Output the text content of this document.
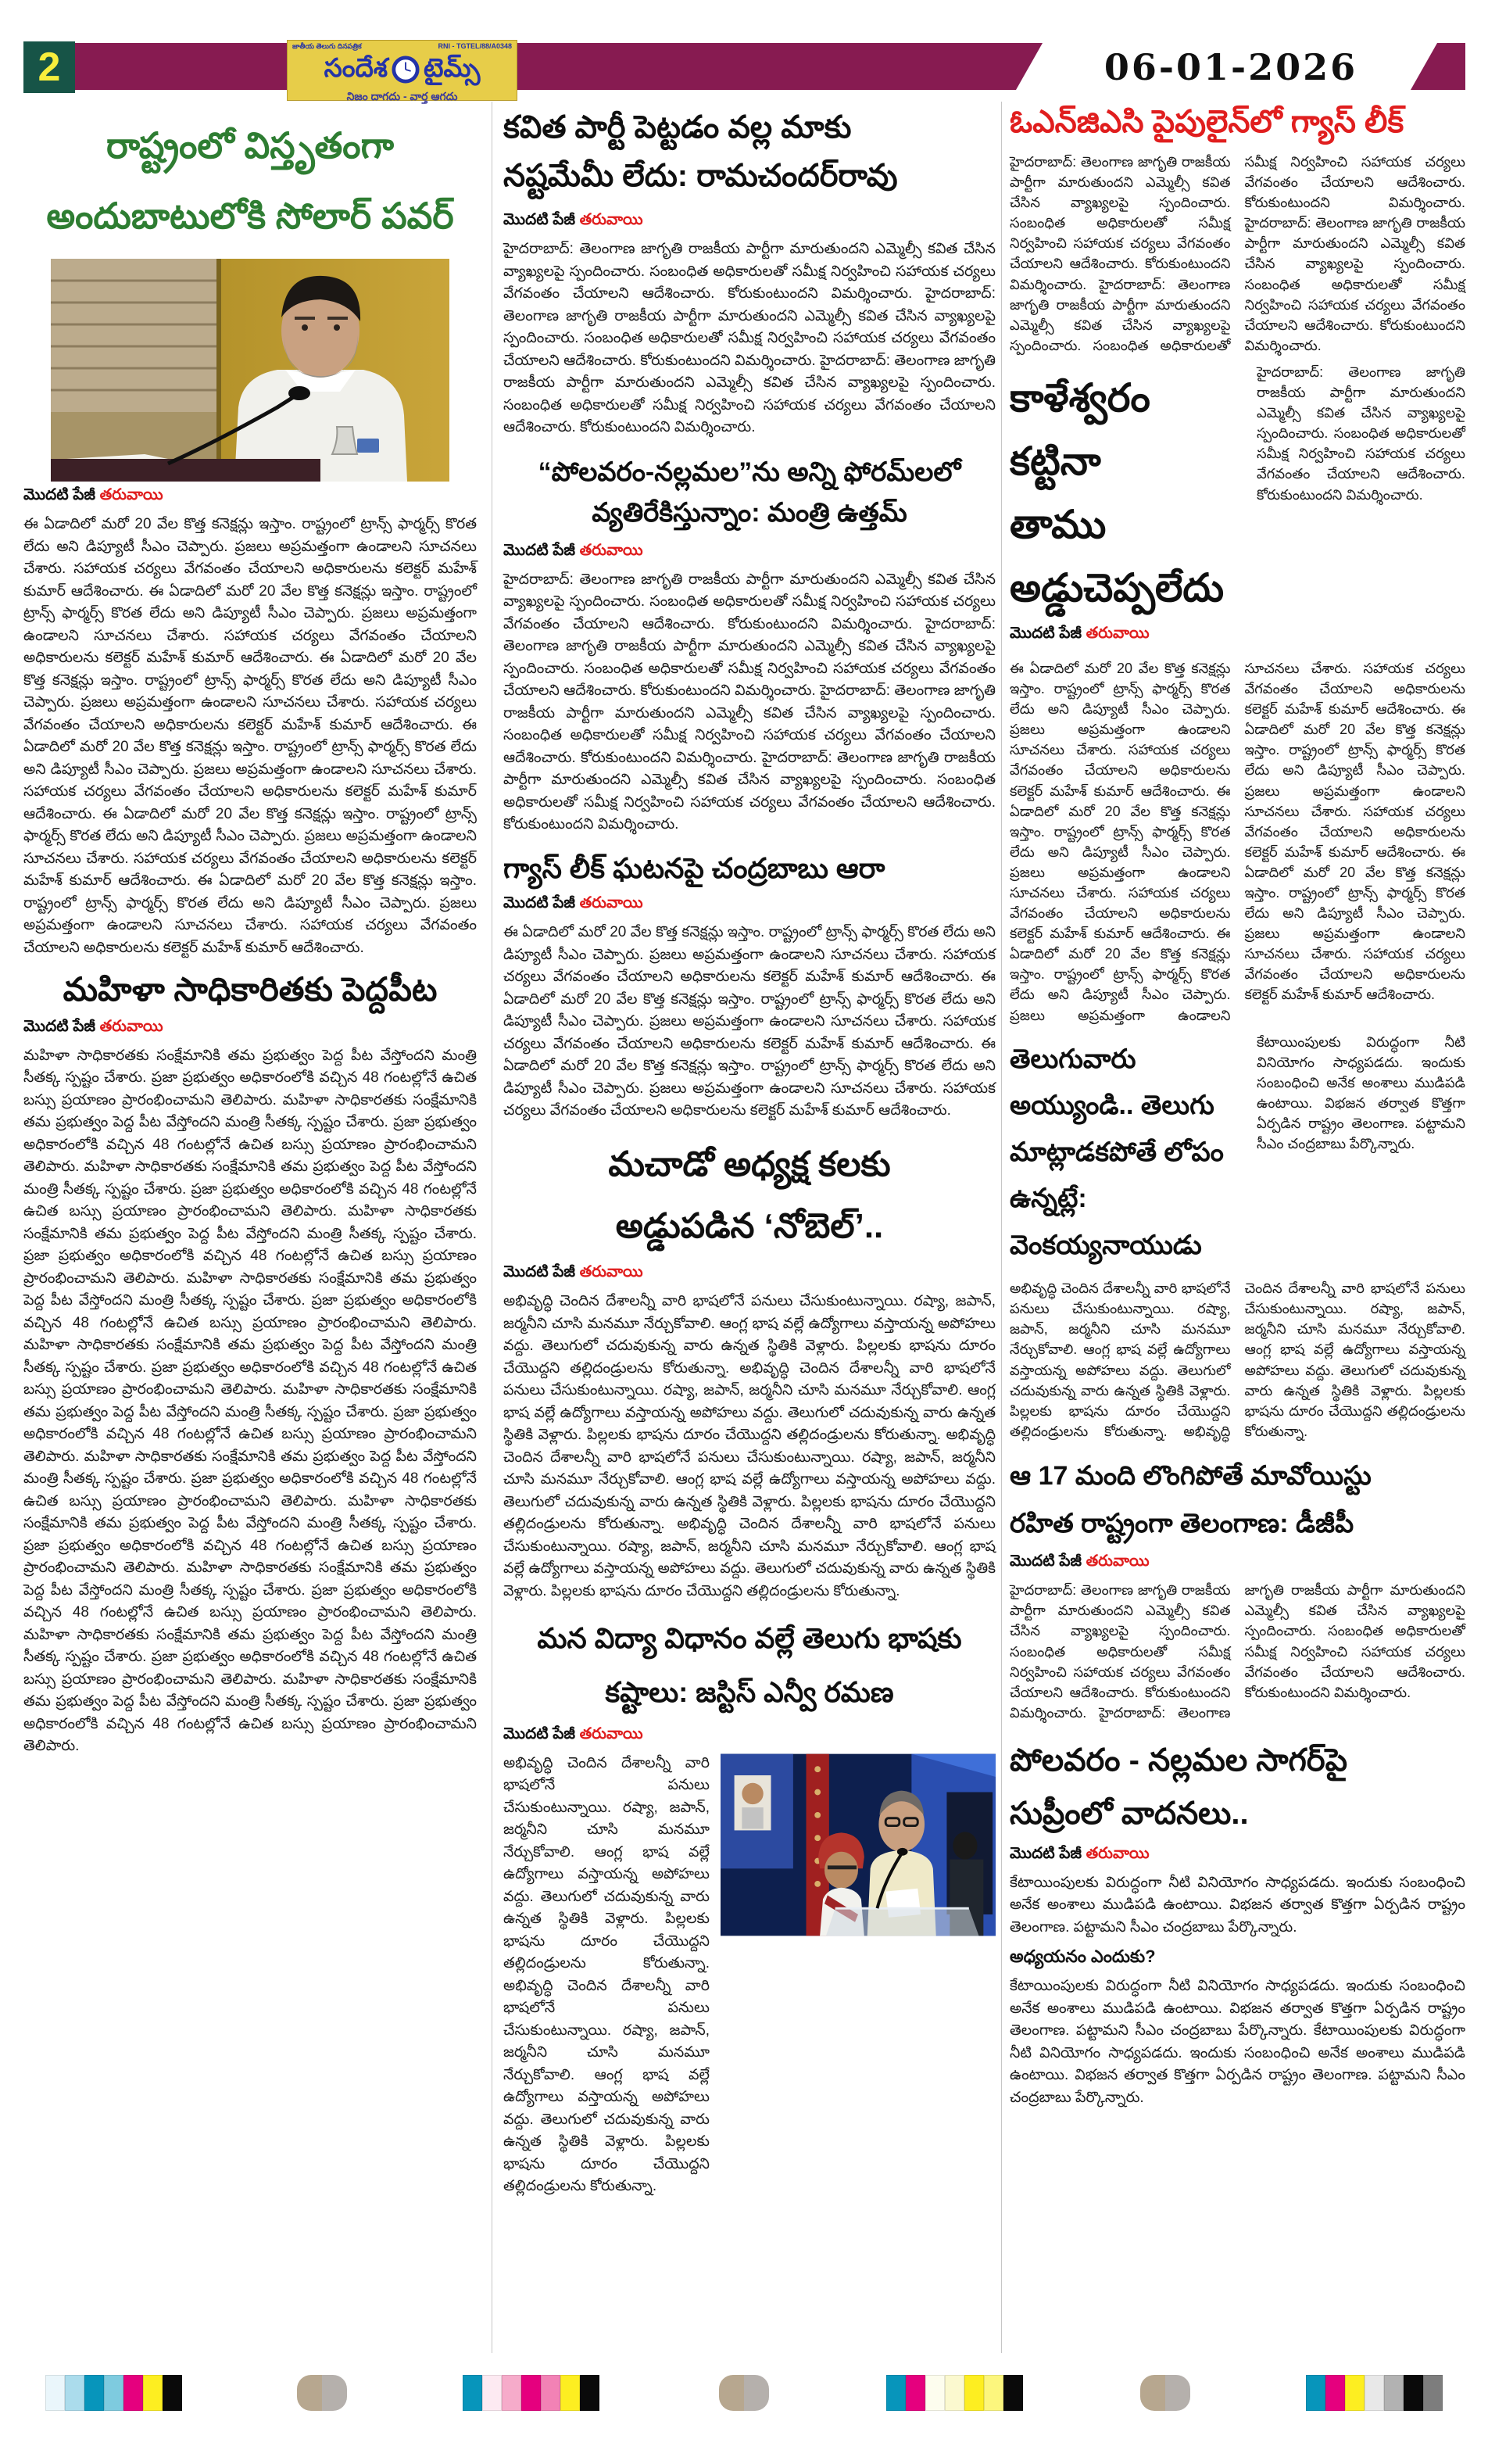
2	06-01-2026
జాతీయ తెలుగు దినపత్రిక	RNI - TGTEL/88/A0348
సందేశ టైమ్స్
నిజం దాగదు - వార్త ఆగదు
రాష్ట్రంలో విస్తృతంగా
అందుబాటులోకి సోలార్ పవర్
మొదటి పేజీ తరువాయి
ఈ ఏడాదిలో మరో 20 వేల కొత్త కనెక్షన్లు ఇస్తాం. రాష్ట్రంలో ట్రాన్స్ ఫార్మర్స్ కొరత లేదు అని డిప్యూటీ సీఎం చెప్పారు. ప్రజలు అప్రమత్తంగా ఉండాలని సూచనలు చేశారు. సహాయక చర్యలు వేగవంతం చేయాలని అధికారులను కలెక్టర్ మహేశ్ కుమార్ ఆదేశించారు. ఈ ఏడాదిలో మరో 20 వేల కొత్త కనెక్షన్లు ఇస్తాం. రాష్ట్రంలో ట్రాన్స్ ఫార్మర్స్ కొరత లేదు అని డిప్యూటీ సీఎం చెప్పారు. ప్రజలు అప్రమత్తంగా ఉండాలని సూచనలు చేశారు. సహాయక చర్యలు వేగవంతం చేయాలని అధికారులను కలెక్టర్ మహేశ్ కుమార్ ఆదేశించారు. ఈ ఏడాదిలో మరో 20 వేల కొత్త కనెక్షన్లు ఇస్తాం. రాష్ట్రంలో ట్రాన్స్ ఫార్మర్స్ కొరత లేదు అని డిప్యూటీ సీఎం చెప్పారు. ప్రజలు అప్రమత్తంగా ఉండాలని సూచనలు చేశారు. సహాయక చర్యలు వేగవంతం చేయాలని అధికారులను కలెక్టర్ మహేశ్ కుమార్ ఆదేశించారు. ఈ ఏడాదిలో మరో 20 వేల కొత్త కనెక్షన్లు ఇస్తాం. రాష్ట్రంలో ట్రాన్స్ ఫార్మర్స్ కొరత లేదు అని డిప్యూటీ సీఎం చెప్పారు. ప్రజలు అప్రమత్తంగా ఉండాలని సూచనలు చేశారు. సహాయక చర్యలు వేగవంతం చేయాలని అధికారులను కలెక్టర్ మహేశ్ కుమార్ ఆదేశించారు. ఈ ఏడాదిలో మరో 20 వేల కొత్త కనెక్షన్లు ఇస్తాం. రాష్ట్రంలో ట్రాన్స్ ఫార్మర్స్ కొరత లేదు అని డిప్యూటీ సీఎం చెప్పారు. ప్రజలు అప్రమత్తంగా ఉండాలని సూచనలు చేశారు. సహాయక చర్యలు వేగవంతం చేయాలని అధికారులను కలెక్టర్ మహేశ్ కుమార్ ఆదేశించారు. ఈ ఏడాదిలో మరో 20 వేల కొత్త కనెక్షన్లు ఇస్తాం. రాష్ట్రంలో ట్రాన్స్ ఫార్మర్స్ కొరత లేదు అని డిప్యూటీ సీఎం చెప్పారు. ప్రజలు అప్రమత్తంగా ఉండాలని సూచనలు చేశారు. సహాయక చర్యలు వేగవంతం చేయాలని అధికారులను కలెక్టర్ మహేశ్ కుమార్ ఆదేశించారు.
మహిళా సాధికారితకు పెద్దపీట
మొదటి పేజీ తరువాయి
మహిళా సాధికారతకు సంక్షేమానికి తమ ప్రభుత్వం పెద్ద పీట వేస్తోందని మంత్రి సీతక్క స్పష్టం చేశారు. ప్రజా ప్రభుత్వం అధికారంలోకి వచ్చిన 48 గంటల్లోనే ఉచిత బస్సు ప్రయాణం ప్రారంభించామని తెలిపారు. మహిళా సాధికారతకు సంక్షేమానికి తమ ప్రభుత్వం పెద్ద పీట వేస్తోందని మంత్రి సీతక్క స్పష్టం చేశారు. ప్రజా ప్రభుత్వం అధికారంలోకి వచ్చిన 48 గంటల్లోనే ఉచిత బస్సు ప్రయాణం ప్రారంభించామని తెలిపారు. మహిళా సాధికారతకు సంక్షేమానికి తమ ప్రభుత్వం పెద్ద పీట వేస్తోందని మంత్రి సీతక్క స్పష్టం చేశారు. ప్రజా ప్రభుత్వం అధికారంలోకి వచ్చిన 48 గంటల్లోనే ఉచిత బస్సు ప్రయాణం ప్రారంభించామని తెలిపారు. మహిళా సాధికారతకు సంక్షేమానికి తమ ప్రభుత్వం పెద్ద పీట వేస్తోందని మంత్రి సీతక్క స్పష్టం చేశారు. ప్రజా ప్రభుత్వం అధికారంలోకి వచ్చిన 48 గంటల్లోనే ఉచిత బస్సు ప్రయాణం ప్రారంభించామని తెలిపారు. మహిళా సాధికారతకు సంక్షేమానికి తమ ప్రభుత్వం పెద్ద పీట వేస్తోందని మంత్రి సీతక్క స్పష్టం చేశారు. ప్రజా ప్రభుత్వం అధికారంలోకి వచ్చిన 48 గంటల్లోనే ఉచిత బస్సు ప్రయాణం ప్రారంభించామని తెలిపారు. మహిళా సాధికారతకు సంక్షేమానికి తమ ప్రభుత్వం పెద్ద పీట వేస్తోందని మంత్రి సీతక్క స్పష్టం చేశారు. ప్రజా ప్రభుత్వం అధికారంలోకి వచ్చిన 48 గంటల్లోనే ఉచిత బస్సు ప్రయాణం ప్రారంభించామని తెలిపారు. మహిళా సాధికారతకు సంక్షేమానికి తమ ప్రభుత్వం పెద్ద పీట వేస్తోందని మంత్రి సీతక్క స్పష్టం చేశారు. ప్రజా ప్రభుత్వం అధికారంలోకి వచ్చిన 48 గంటల్లోనే ఉచిత బస్సు ప్రయాణం ప్రారంభించామని తెలిపారు. మహిళా సాధికారతకు సంక్షేమానికి తమ ప్రభుత్వం పెద్ద పీట వేస్తోందని మంత్రి సీతక్క స్పష్టం చేశారు. ప్రజా ప్రభుత్వం అధికారంలోకి వచ్చిన 48 గంటల్లోనే ఉచిత బస్సు ప్రయాణం ప్రారంభించామని తెలిపారు. మహిళా సాధికారతకు సంక్షేమానికి తమ ప్రభుత్వం పెద్ద పీట వేస్తోందని మంత్రి సీతక్క స్పష్టం చేశారు. ప్రజా ప్రభుత్వం అధికారంలోకి వచ్చిన 48 గంటల్లోనే ఉచిత బస్సు ప్రయాణం ప్రారంభించామని తెలిపారు. మహిళా సాధికారతకు సంక్షేమానికి తమ ప్రభుత్వం పెద్ద పీట వేస్తోందని మంత్రి సీతక్క స్పష్టం చేశారు. ప్రజా ప్రభుత్వం అధికారంలోకి వచ్చిన 48 గంటల్లోనే ఉచిత బస్సు ప్రయాణం ప్రారంభించామని తెలిపారు. మహిళా సాధికారతకు సంక్షేమానికి తమ ప్రభుత్వం పెద్ద పీట వేస్తోందని మంత్రి సీతక్క స్పష్టం చేశారు. ప్రజా ప్రభుత్వం అధికారంలోకి వచ్చిన 48 గంటల్లోనే ఉచిత బస్సు ప్రయాణం ప్రారంభించామని తెలిపారు. మహిళా సాధికారతకు సంక్షేమానికి తమ ప్రభుత్వం పెద్ద పీట వేస్తోందని మంత్రి సీతక్క స్పష్టం చేశారు. ప్రజా ప్రభుత్వం అధికారంలోకి వచ్చిన 48 గంటల్లోనే ఉచిత బస్సు ప్రయాణం ప్రారంభించామని తెలిపారు.
కవిత పార్టీ పెట్టడం వల్ల మాకు
నష్టమేమీ లేదు: రామచందర్‌రావు
మొదటి పేజీ తరువాయి
హైదరాబాద్: తెలంగాణ జాగృతి రాజకీయ పార్టీగా మారుతుందని ఎమ్మెల్సీ కవిత చేసిన వ్యాఖ్యలపై స్పందించారు. సంబంధిత అధికారులతో సమీక్ష నిర్వహించి సహాయక చర్యలు వేగవంతం చేయాలని ఆదేశించారు. కోరుకుంటుందని విమర్శించారు. హైదరాబాద్: తెలంగాణ జాగృతి రాజకీయ పార్టీగా మారుతుందని ఎమ్మెల్సీ కవిత చేసిన వ్యాఖ్యలపై స్పందించారు. సంబంధిత అధికారులతో సమీక్ష నిర్వహించి సహాయక చర్యలు వేగవంతం చేయాలని ఆదేశించారు. కోరుకుంటుందని విమర్శించారు. హైదరాబాద్: తెలంగాణ జాగృతి రాజకీయ పార్టీగా మారుతుందని ఎమ్మెల్సీ కవిత చేసిన వ్యాఖ్యలపై స్పందించారు. సంబంధిత అధికారులతో సమీక్ష నిర్వహించి సహాయక చర్యలు వేగవంతం చేయాలని ఆదేశించారు. కోరుకుంటుందని విమర్శించారు.
“పోలవరం-నల్లమల”ను అన్ని ఫోరమ్‌లలో
వ్యతిరేకిస్తున్నాం: మంత్రి ఉత్తమ్
మొదటి పేజీ తరువాయి
హైదరాబాద్: తెలంగాణ జాగృతి రాజకీయ పార్టీగా మారుతుందని ఎమ్మెల్సీ కవిత చేసిన వ్యాఖ్యలపై స్పందించారు. సంబంధిత అధికారులతో సమీక్ష నిర్వహించి సహాయక చర్యలు వేగవంతం చేయాలని ఆదేశించారు. కోరుకుంటుందని విమర్శించారు. హైదరాబాద్: తెలంగాణ జాగృతి రాజకీయ పార్టీగా మారుతుందని ఎమ్మెల్సీ కవిత చేసిన వ్యాఖ్యలపై స్పందించారు. సంబంధిత అధికారులతో సమీక్ష నిర్వహించి సహాయక చర్యలు వేగవంతం చేయాలని ఆదేశించారు. కోరుకుంటుందని విమర్శించారు. హైదరాబాద్: తెలంగాణ జాగృతి రాజకీయ పార్టీగా మారుతుందని ఎమ్మెల్సీ కవిత చేసిన వ్యాఖ్యలపై స్పందించారు. సంబంధిత అధికారులతో సమీక్ష నిర్వహించి సహాయక చర్యలు వేగవంతం చేయాలని ఆదేశించారు. కోరుకుంటుందని విమర్శించారు. హైదరాబాద్: తెలంగాణ జాగృతి రాజకీయ పార్టీగా మారుతుందని ఎమ్మెల్సీ కవిత చేసిన వ్యాఖ్యలపై స్పందించారు. సంబంధిత అధికారులతో సమీక్ష నిర్వహించి సహాయక చర్యలు వేగవంతం చేయాలని ఆదేశించారు. కోరుకుంటుందని విమర్శించారు.
గ్యాస్ లీక్ ఘటనపై చంద్రబాబు ఆరా
మొదటి పేజీ తరువాయి
ఈ ఏడాదిలో మరో 20 వేల కొత్త కనెక్షన్లు ఇస్తాం. రాష్ట్రంలో ట్రాన్స్ ఫార్మర్స్ కొరత లేదు అని డిప్యూటీ సీఎం చెప్పారు. ప్రజలు అప్రమత్తంగా ఉండాలని సూచనలు చేశారు. సహాయక చర్యలు వేగవంతం చేయాలని అధికారులను కలెక్టర్ మహేశ్ కుమార్ ఆదేశించారు. ఈ ఏడాదిలో మరో 20 వేల కొత్త కనెక్షన్లు ఇస్తాం. రాష్ట్రంలో ట్రాన్స్ ఫార్మర్స్ కొరత లేదు అని డిప్యూటీ సీఎం చెప్పారు. ప్రజలు అప్రమత్తంగా ఉండాలని సూచనలు చేశారు. సహాయక చర్యలు వేగవంతం చేయాలని అధికారులను కలెక్టర్ మహేశ్ కుమార్ ఆదేశించారు. ఈ ఏడాదిలో మరో 20 వేల కొత్త కనెక్షన్లు ఇస్తాం. రాష్ట్రంలో ట్రాన్స్ ఫార్మర్స్ కొరత లేదు అని డిప్యూటీ సీఎం చెప్పారు. ప్రజలు అప్రమత్తంగా ఉండాలని సూచనలు చేశారు. సహాయక చర్యలు వేగవంతం చేయాలని అధికారులను కలెక్టర్ మహేశ్ కుమార్ ఆదేశించారు.
మచాడో అధ్యక్ష కలకు
అడ్డుపడిన ‘నోబెల్’..
మొదటి పేజీ తరువాయి
అభివృద్ధి చెందిన దేశాలన్నీ వారి భాషలోనే పనులు చేసుకుంటున్నాయి. రష్యా, జపాన్, జర్మనీని చూసి మనమూ నేర్చుకోవాలి. ఆంగ్ల భాష వల్లే ఉద్యోగాలు వస్తాయన్న అపోహలు వద్దు. తెలుగులో చదువుకున్న వారు ఉన్నత స్థితికి వెళ్లారు. పిల్లలకు భాషను దూరం చేయొద్దని తల్లిదండ్రులను కోరుతున్నా. అభివృద్ధి చెందిన దేశాలన్నీ వారి భాషలోనే పనులు చేసుకుంటున్నాయి. రష్యా, జపాన్, జర్మనీని చూసి మనమూ నేర్చుకోవాలి. ఆంగ్ల భాష వల్లే ఉద్యోగాలు వస్తాయన్న అపోహలు వద్దు. తెలుగులో చదువుకున్న వారు ఉన్నత స్థితికి వెళ్లారు. పిల్లలకు భాషను దూరం చేయొద్దని తల్లిదండ్రులను కోరుతున్నా. అభివృద్ధి చెందిన దేశాలన్నీ వారి భాషలోనే పనులు చేసుకుంటున్నాయి. రష్యా, జపాన్, జర్మనీని చూసి మనమూ నేర్చుకోవాలి. ఆంగ్ల భాష వల్లే ఉద్యోగాలు వస్తాయన్న అపోహలు వద్దు. తెలుగులో చదువుకున్న వారు ఉన్నత స్థితికి వెళ్లారు. పిల్లలకు భాషను దూరం చేయొద్దని తల్లిదండ్రులను కోరుతున్నా. అభివృద్ధి చెందిన దేశాలన్నీ వారి భాషలోనే పనులు చేసుకుంటున్నాయి. రష్యా, జపాన్, జర్మనీని చూసి మనమూ నేర్చుకోవాలి. ఆంగ్ల భాష వల్లే ఉద్యోగాలు వస్తాయన్న అపోహలు వద్దు. తెలుగులో చదువుకున్న వారు ఉన్నత స్థితికి వెళ్లారు. పిల్లలకు భాషను దూరం చేయొద్దని తల్లిదండ్రులను కోరుతున్నా.
మన విద్యా విధానం వల్లే తెలుగు భాషకు
కష్టాలు: జస్టిస్ ఎన్వీ రమణ
మొదటి పేజీ తరువాయి
అభివృద్ధి చెందిన దేశాలన్నీ వారి భాషలోనే పనులు చేసుకుంటున్నాయి. రష్యా, జపాన్, జర్మనీని చూసి మనమూ నేర్చుకోవాలి. ఆంగ్ల భాష వల్లే ఉద్యోగాలు వస్తాయన్న అపోహలు వద్దు. తెలుగులో చదువుకున్న వారు ఉన్నత స్థితికి వెళ్లారు. పిల్లలకు భాషను దూరం చేయొద్దని తల్లిదండ్రులను కోరుతున్నా. అభివృద్ధి చెందిన దేశాలన్నీ వారి భాషలోనే పనులు చేసుకుంటున్నాయి. రష్యా, జపాన్, జర్మనీని చూసి మనమూ నేర్చుకోవాలి. ఆంగ్ల భాష వల్లే ఉద్యోగాలు వస్తాయన్న అపోహలు వద్దు. తెలుగులో చదువుకున్న వారు ఉన్నత స్థితికి వెళ్లారు. పిల్లలకు భాషను దూరం చేయొద్దని తల్లిదండ్రులను కోరుతున్నా.
ఓఎన్‌జిఎసి పైపులైన్‌లో గ్యాస్ లీక్
హైదరాబాద్: తెలంగాణ జాగృతి రాజకీయ పార్టీగా మారుతుందని ఎమ్మెల్సీ కవిత చేసిన వ్యాఖ్యలపై స్పందించారు. సంబంధిత అధికారులతో సమీక్ష నిర్వహించి సహాయక చర్యలు వేగవంతం చేయాలని ఆదేశించారు. కోరుకుంటుందని విమర్శించారు. హైదరాబాద్: తెలంగాణ జాగృతి రాజకీయ పార్టీగా మారుతుందని ఎమ్మెల్సీ కవిత చేసిన వ్యాఖ్యలపై స్పందించారు. సంబంధిత అధికారులతో సమీక్ష నిర్వహించి సహాయక చర్యలు వేగవంతం చేయాలని ఆదేశించారు. కోరుకుంటుందని విమర్శించారు. హైదరాబాద్: తెలంగాణ జాగృతి రాజకీయ పార్టీగా మారుతుందని ఎమ్మెల్సీ కవిత చేసిన వ్యాఖ్యలపై స్పందించారు. సంబంధిత అధికారులతో సమీక్ష నిర్వహించి సహాయక చర్యలు వేగవంతం చేయాలని ఆదేశించారు. కోరుకుంటుందని విమర్శించారు.
కాళేశ్వరం కట్టినా
తాము అడ్డుచెప్పలేదు
మొదటి పేజీ తరువాయి
హైదరాబాద్: తెలంగాణ జాగృతి రాజకీయ పార్టీగా మారుతుందని ఎమ్మెల్సీ కవిత చేసిన వ్యాఖ్యలపై స్పందించారు. సంబంధిత అధికారులతో సమీక్ష నిర్వహించి సహాయక చర్యలు వేగవంతం చేయాలని ఆదేశించారు. కోరుకుంటుందని విమర్శించారు.
ఈ ఏడాదిలో మరో 20 వేల కొత్త కనెక్షన్లు ఇస్తాం. రాష్ట్రంలో ట్రాన్స్ ఫార్మర్స్ కొరత లేదు అని డిప్యూటీ సీఎం చెప్పారు. ప్రజలు అప్రమత్తంగా ఉండాలని సూచనలు చేశారు. సహాయక చర్యలు వేగవంతం చేయాలని అధికారులను కలెక్టర్ మహేశ్ కుమార్ ఆదేశించారు. ఈ ఏడాదిలో మరో 20 వేల కొత్త కనెక్షన్లు ఇస్తాం. రాష్ట్రంలో ట్రాన్స్ ఫార్మర్స్ కొరత లేదు అని డిప్యూటీ సీఎం చెప్పారు. ప్రజలు అప్రమత్తంగా ఉండాలని సూచనలు చేశారు. సహాయక చర్యలు వేగవంతం చేయాలని అధికారులను కలెక్టర్ మహేశ్ కుమార్ ఆదేశించారు. ఈ ఏడాదిలో మరో 20 వేల కొత్త కనెక్షన్లు ఇస్తాం. రాష్ట్రంలో ట్రాన్స్ ఫార్మర్స్ కొరత లేదు అని డిప్యూటీ సీఎం చెప్పారు. ప్రజలు అప్రమత్తంగా ఉండాలని సూచనలు చేశారు. సహాయక చర్యలు వేగవంతం చేయాలని అధికారులను కలెక్టర్ మహేశ్ కుమార్ ఆదేశించారు. ఈ ఏడాదిలో మరో 20 వేల కొత్త కనెక్షన్లు ఇస్తాం. రాష్ట్రంలో ట్రాన్స్ ఫార్మర్స్ కొరత లేదు అని డిప్యూటీ సీఎం చెప్పారు. ప్రజలు అప్రమత్తంగా ఉండాలని సూచనలు చేశారు. సహాయక చర్యలు వేగవంతం చేయాలని అధికారులను కలెక్టర్ మహేశ్ కుమార్ ఆదేశించారు. ఈ ఏడాదిలో మరో 20 వేల కొత్త కనెక్షన్లు ఇస్తాం. రాష్ట్రంలో ట్రాన్స్ ఫార్మర్స్ కొరత లేదు అని డిప్యూటీ సీఎం చెప్పారు. ప్రజలు అప్రమత్తంగా ఉండాలని సూచనలు చేశారు. సహాయక చర్యలు వేగవంతం చేయాలని అధికారులను కలెక్టర్ మహేశ్ కుమార్ ఆదేశించారు.
తెలుగువారు అయ్యుండి.. తెలుగు
మాట్లాడకపోతే లోపం ఉన్నట్లే:
వెంకయ్యనాయుడు
కేటాయింపులకు విరుద్ధంగా నీటి వినియోగం సాధ్యపడదు. ఇందుకు సంబంధించి అనేక అంశాలు ముడిపడి ఉంటాయి. విభజన తర్వాత కొత్తగా ఏర్పడిన రాష్ట్రం తెలంగాణ. పట్టామని సీఎం చంద్రబాబు పేర్కొన్నారు.
అభివృద్ధి చెందిన దేశాలన్నీ వారి భాషలోనే పనులు చేసుకుంటున్నాయి. రష్యా, జపాన్, జర్మనీని చూసి మనమూ నేర్చుకోవాలి. ఆంగ్ల భాష వల్లే ఉద్యోగాలు వస్తాయన్న అపోహలు వద్దు. తెలుగులో చదువుకున్న వారు ఉన్నత స్థితికి వెళ్లారు. పిల్లలకు భాషను దూరం చేయొద్దని తల్లిదండ్రులను కోరుతున్నా. అభివృద్ధి చెందిన దేశాలన్నీ వారి భాషలోనే పనులు చేసుకుంటున్నాయి. రష్యా, జపాన్, జర్మనీని చూసి మనమూ నేర్చుకోవాలి. ఆంగ్ల భాష వల్లే ఉద్యోగాలు వస్తాయన్న అపోహలు వద్దు. తెలుగులో చదువుకున్న వారు ఉన్నత స్థితికి వెళ్లారు. పిల్లలకు భాషను దూరం చేయొద్దని తల్లిదండ్రులను కోరుతున్నా.
ఆ 17 మంది లొంగిపోతే మావోయిస్టు
రహిత రాష్ట్రంగా తెలంగాణ: డీజీపీ
మొదటి పేజీ తరువాయి
హైదరాబాద్: తెలంగాణ జాగృతి రాజకీయ పార్టీగా మారుతుందని ఎమ్మెల్సీ కవిత చేసిన వ్యాఖ్యలపై స్పందించారు. సంబంధిత అధికారులతో సమీక్ష నిర్వహించి సహాయక చర్యలు వేగవంతం చేయాలని ఆదేశించారు. కోరుకుంటుందని విమర్శించారు. హైదరాబాద్: తెలంగాణ జాగృతి రాజకీయ పార్టీగా మారుతుందని ఎమ్మెల్సీ కవిత చేసిన వ్యాఖ్యలపై స్పందించారు. సంబంధిత అధికారులతో సమీక్ష నిర్వహించి సహాయక చర్యలు వేగవంతం చేయాలని ఆదేశించారు. కోరుకుంటుందని విమర్శించారు.
పోలవరం - నల్లమల సాగర్‌పై
సుప్రీంలో వాదనలు..
మొదటి పేజీ తరువాయి
కేటాయింపులకు విరుద్ధంగా నీటి వినియోగం సాధ్యపడదు. ఇందుకు సంబంధించి అనేక అంశాలు ముడిపడి ఉంటాయి. విభజన తర్వాత కొత్తగా ఏర్పడిన రాష్ట్రం తెలంగాణ. పట్టామని సీఎం చంద్రబాబు పేర్కొన్నారు.
అధ్యయనం ఎందుకు?
కేటాయింపులకు విరుద్ధంగా నీటి వినియోగం సాధ్యపడదు. ఇందుకు సంబంధించి అనేక అంశాలు ముడిపడి ఉంటాయి. విభజన తర్వాత కొత్తగా ఏర్పడిన రాష్ట్రం తెలంగాణ. పట్టామని సీఎం చంద్రబాబు పేర్కొన్నారు. కేటాయింపులకు విరుద్ధంగా నీటి వినియోగం సాధ్యపడదు. ఇందుకు సంబంధించి అనేక అంశాలు ముడిపడి ఉంటాయి. విభజన తర్వాత కొత్తగా ఏర్పడిన రాష్ట్రం తెలంగాణ. పట్టామని సీఎం చంద్రబాబు పేర్కొన్నారు.
